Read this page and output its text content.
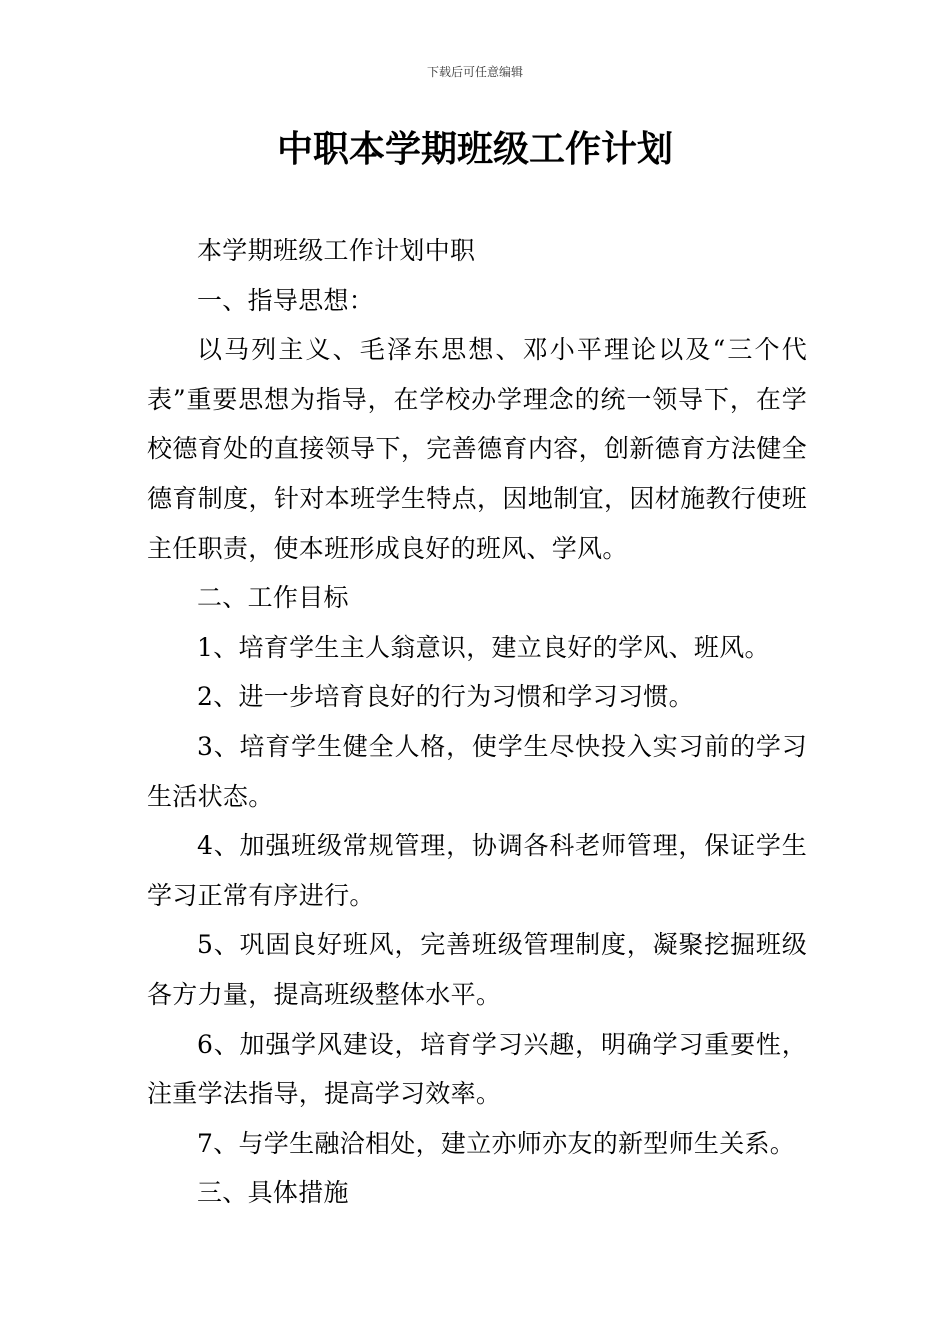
下载后可任意编辑
中职本学期班级工作计划

本学期班级工作计划中职

一、指导思想：

以马列主义、毛泽东思想、邓小平理论以及“三个代表”重要思想为指导，在学校办学理念的统一领导下，在学校德育处的直接领导下，完善德育内容，创新德育方法健全德育制度，针对本班学生特点，因地制宜，因材施教行使班主任职责，使本班形成良好的班风、学风。

二、工作目标

1、培育学生主人翁意识，建立良好的学风、班风。

2、进一步培育良好的行为习惯和学习习惯。

3、培育学生健全人格，使学生尽快投入实习前的学习生活状态。

4、加强班级常规管理，协调各科老师管理，保证学生学习正常有序进行。

5、巩固良好班风，完善班级管理制度，凝聚挖掘班级各方力量，提高班级整体水平。

6、加强学风建设，培育学习兴趣，明确学习重要性，注重学法指导，提高学习效率。

7、与学生融洽相处，建立亦师亦友的新型师生关系。

三、具体措施
